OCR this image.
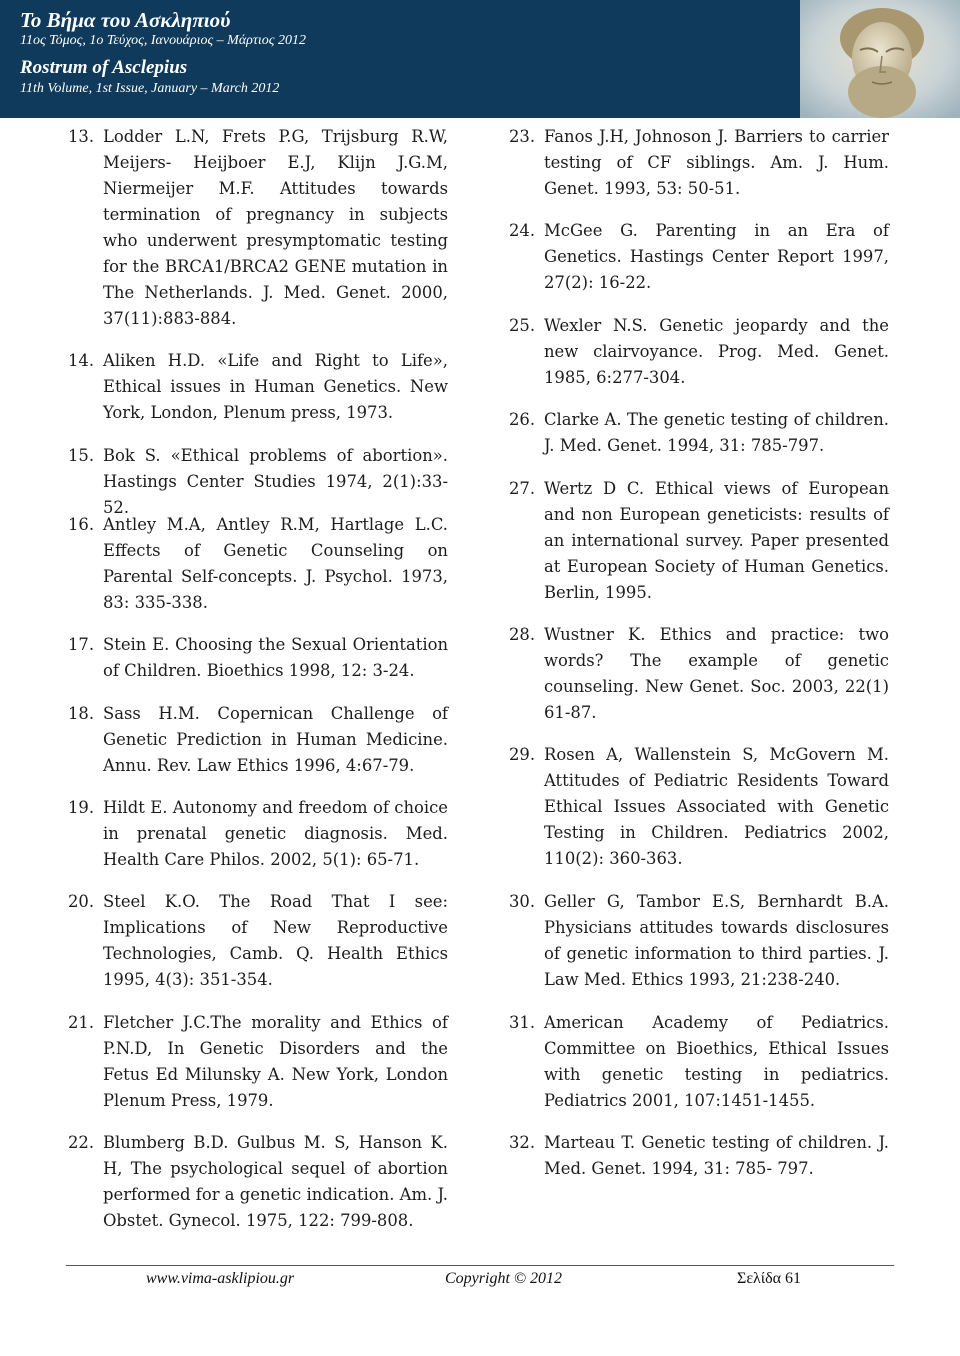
Το Βήμα του Ασκληπιού
11ος Τόμος, 1ο Τεύχος, Ιανουάριος – Μάρτιος 2012
Rostrum of Asclepius
11th Volume, 1st Issue, January – March 2012
13. Lodder L.N, Frets P.G, Trijsburg R.W, Meijers- Heijboer E.J, Klijn J.G.M, Niermeijer M.F. Attitudes towards termination of pregnancy in subjects who underwent presymptomatic testing for the BRCA1/BRCA2 GENE mutation in The Netherlands. J. Med. Genet. 2000, 37(11):883-884.
14. Aliken H.D. «Life and Right to Life», Ethical issues in Human Genetics. New York, London, Plenum press, 1973.
15. Bok S. «Ethical problems of abortion». Hastings Center Studies 1974, 2(1):33-52.
16. Antley M.A, Antley R.M, Hartlage L.C. Effects of Genetic Counseling on Parental Self-concepts. J. Psychol. 1973, 83: 335-338.
17. Stein E. Choosing the Sexual Orientation of Children. Bioethics 1998, 12: 3-24.
18. Sass H.M. Copernican Challenge of Genetic Prediction in Human Medicine. Annu. Rev. Law Ethics 1996, 4:67-79.
19. Hildt E. Autonomy and freedom of choice in prenatal genetic diagnosis. Med. Health Care Philos. 2002, 5(1): 65-71.
20. Steel K.O. The Road That I see: Implications of New Reproductive Technologies, Camb. Q. Health Ethics 1995, 4(3): 351-354.
21. Fletcher J.C.The morality and Ethics of P.N.D, In Genetic Disorders and the Fetus Ed Milunsky A. New York, London Plenum Press, 1979.
22. Blumberg B.D. Gulbus M. S, Hanson K. H, The psychological sequel of abortion performed for a genetic indication. Am. J. Obstet. Gynecol. 1975, 122: 799-808.
23. Fanos J.H, Johnoson J. Barriers to carrier testing of CF siblings. Am. J. Hum. Genet. 1993, 53: 50-51.
24. McGee G. Parenting in an Era of Genetics. Hastings Center Report 1997, 27(2): 16-22.
25. Wexler N.S. Genetic jeopardy and the new clairvoyance. Prog. Med. Genet. 1985, 6:277-304.
26. Clarke A. The genetic testing of children. J. Med. Genet. 1994, 31: 785-797.
27. Wertz D C. Ethical views of European and non European geneticists: results of an international survey. Paper presented at European Society of Human Genetics. Berlin, 1995.
28. Wustner K. Ethics and practice: two words? The example of genetic counseling. New Genet. Soc. 2003, 22(1) 61-87.
29. Rosen A, Wallenstein S, McGovern M. Attitudes of Pediatric Residents Toward Ethical Issues Associated with Genetic Testing in Children. Pediatrics 2002, 110(2): 360-363.
30. Geller G, Tambor E.S, Bernhardt B.A. Physicians attitudes towards disclosures of genetic information to third parties. J. Law Med. Ethics 1993, 21:238-240.
31. American Academy of Pediatrics. Committee on Bioethics, Ethical Issues with genetic testing in pediatrics. Pediatrics 2001, 107:1451-1455.
32. Marteau T. Genetic testing of children. J. Med. Genet. 1994, 31: 785- 797.
www.vima-asklipiou.gr	Copyright © 2012	Σελίδα 61
